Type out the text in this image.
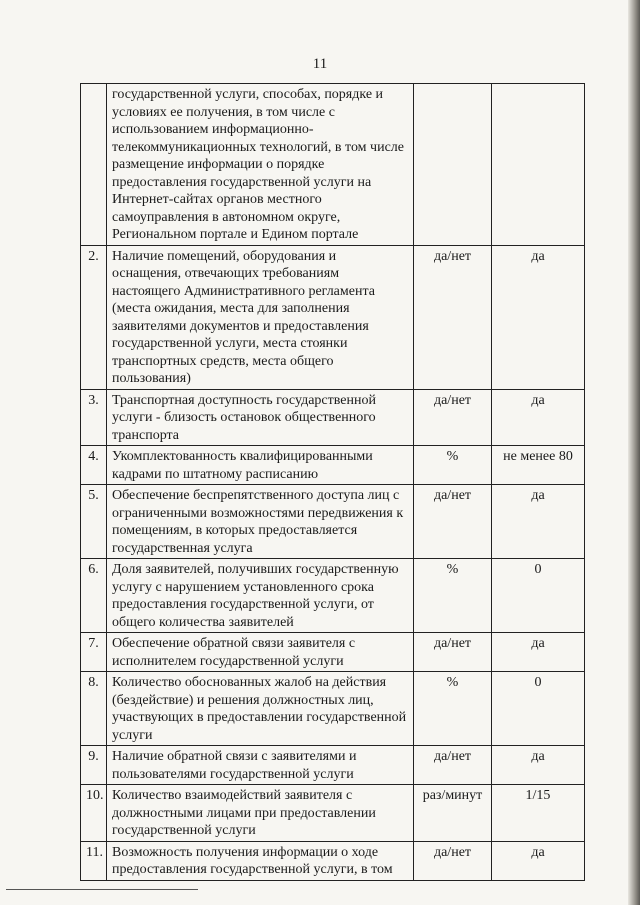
11
	государственной услуги, способах, порядке и условиях ее получения, в том числе с использованием информационно-телекоммуникационных технологий, в том числе размещение информации о порядке предоставления государственной услуги на Интернет-сайтах органов местного самоуправления в автономном округе, Региональном портале и Едином портале		
2.	Наличие помещений, оборудования и оснащения, отвечающих требованиям настоящего Административного регламента (места ожидания, места для заполнения заявителями документов и предоставления государственной услуги, места стоянки транспортных средств, места общего пользования)	да/нет	да
3.	Транспортная доступность государственной услуги - близость остановок общественного транспорта	да/нет	да
4.	Укомплектованность квалифицированными кадрами по штатному расписанию	%	не менее 80
5.	Обеспечение беспрепятственного доступа лиц с ограниченными возможностями передвижения к помещениям, в которых предоставляется государственная услуга	да/нет	да
6.	Доля заявителей, получивших государственную услугу с нарушением установленного срока предоставления государственной услуги, от общего количества заявителей	%	0
7.	Обеспечение обратной связи заявителя с исполнителем государственной услуги	да/нет	да
8.	Количество обоснованных жалоб на действия (бездействие) и решения должностных лиц, участвующих в предоставлении государственной услуги	%	0
9.	Наличие обратной связи с заявителями и пользователями государственной услуги	да/нет	да
10.	Количество взаимодействий заявителя с должностными лицами при предоставлении государственной услуги	раз/минут	1/15
11.	Возможность получения информации о ходе предоставления государственной услуги, в том	да/нет	да
